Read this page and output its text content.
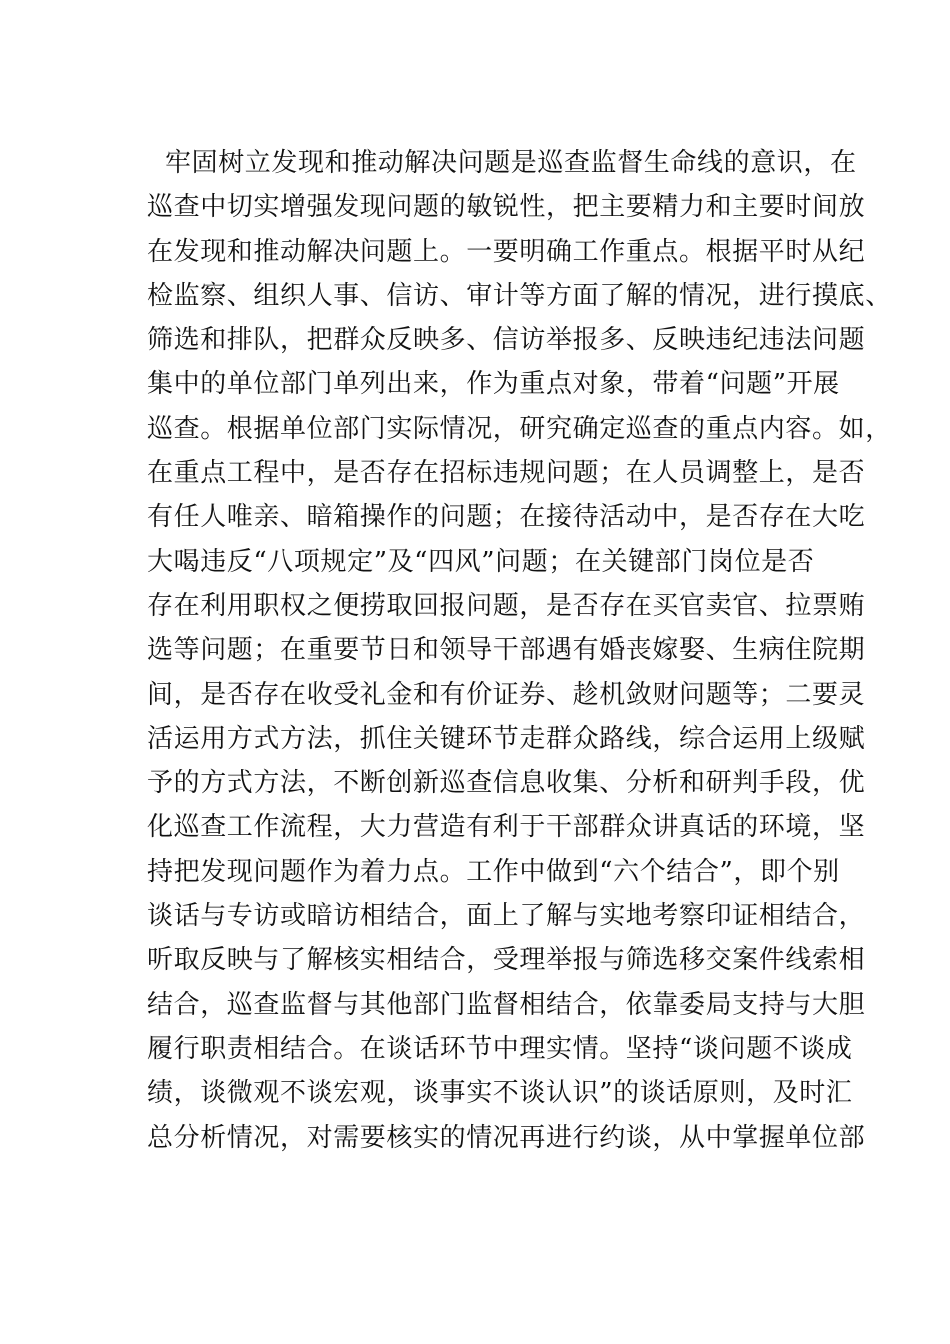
牢固树立发现和推动解决问题是巡查监督生命线的意识，在
巡查中切实增强发现问题的敏锐性，把主要精力和主要时间放
在发现和推动解决问题上。一要明确工作重点。根据平时从纪
检监察、组织人事、信访、审计等方面了解的情况，进行摸底、
筛选和排队，把群众反映多、信访举报多、反映违纪违法问题
集中的单位部门单列出来，作为重点对象，带着“问题”开展
巡查。根据单位部门实际情况，研究确定巡查的重点内容。如，
在重点工程中，是否存在招标违规问题；在人员调整上，是否
有任人唯亲、暗箱操作的问题；在接待活动中，是否存在大吃
大喝违反“八项规定”及“四风”问题；在关键部门岗位是否
存在利用职权之便捞取回报问题，是否存在买官卖官、拉票贿
选等问题；在重要节日和领导干部遇有婚丧嫁娶、生病住院期
间，是否存在收受礼金和有价证券、趁机敛财问题等；二要灵
活运用方式方法，抓住关键环节走群众路线，综合运用上级赋
予的方式方法，不断创新巡查信息收集、分析和研判手段，优
化巡查工作流程，大力营造有利于干部群众讲真话的环境，坚
持把发现问题作为着力点。工作中做到“六个结合”，即个别
谈话与专访或暗访相结合，面上了解与实地考察印证相结合，
听取反映与了解核实相结合，受理举报与筛选移交案件线索相
结合，巡查监督与其他部门监督相结合，依靠委局支持与大胆
履行职责相结合。在谈话环节中理实情。坚持“谈问题不谈成
绩，谈微观不谈宏观，谈事实不谈认识”的谈话原则，及时汇
总分析情况，对需要核实的情况再进行约谈，从中掌握单位部
